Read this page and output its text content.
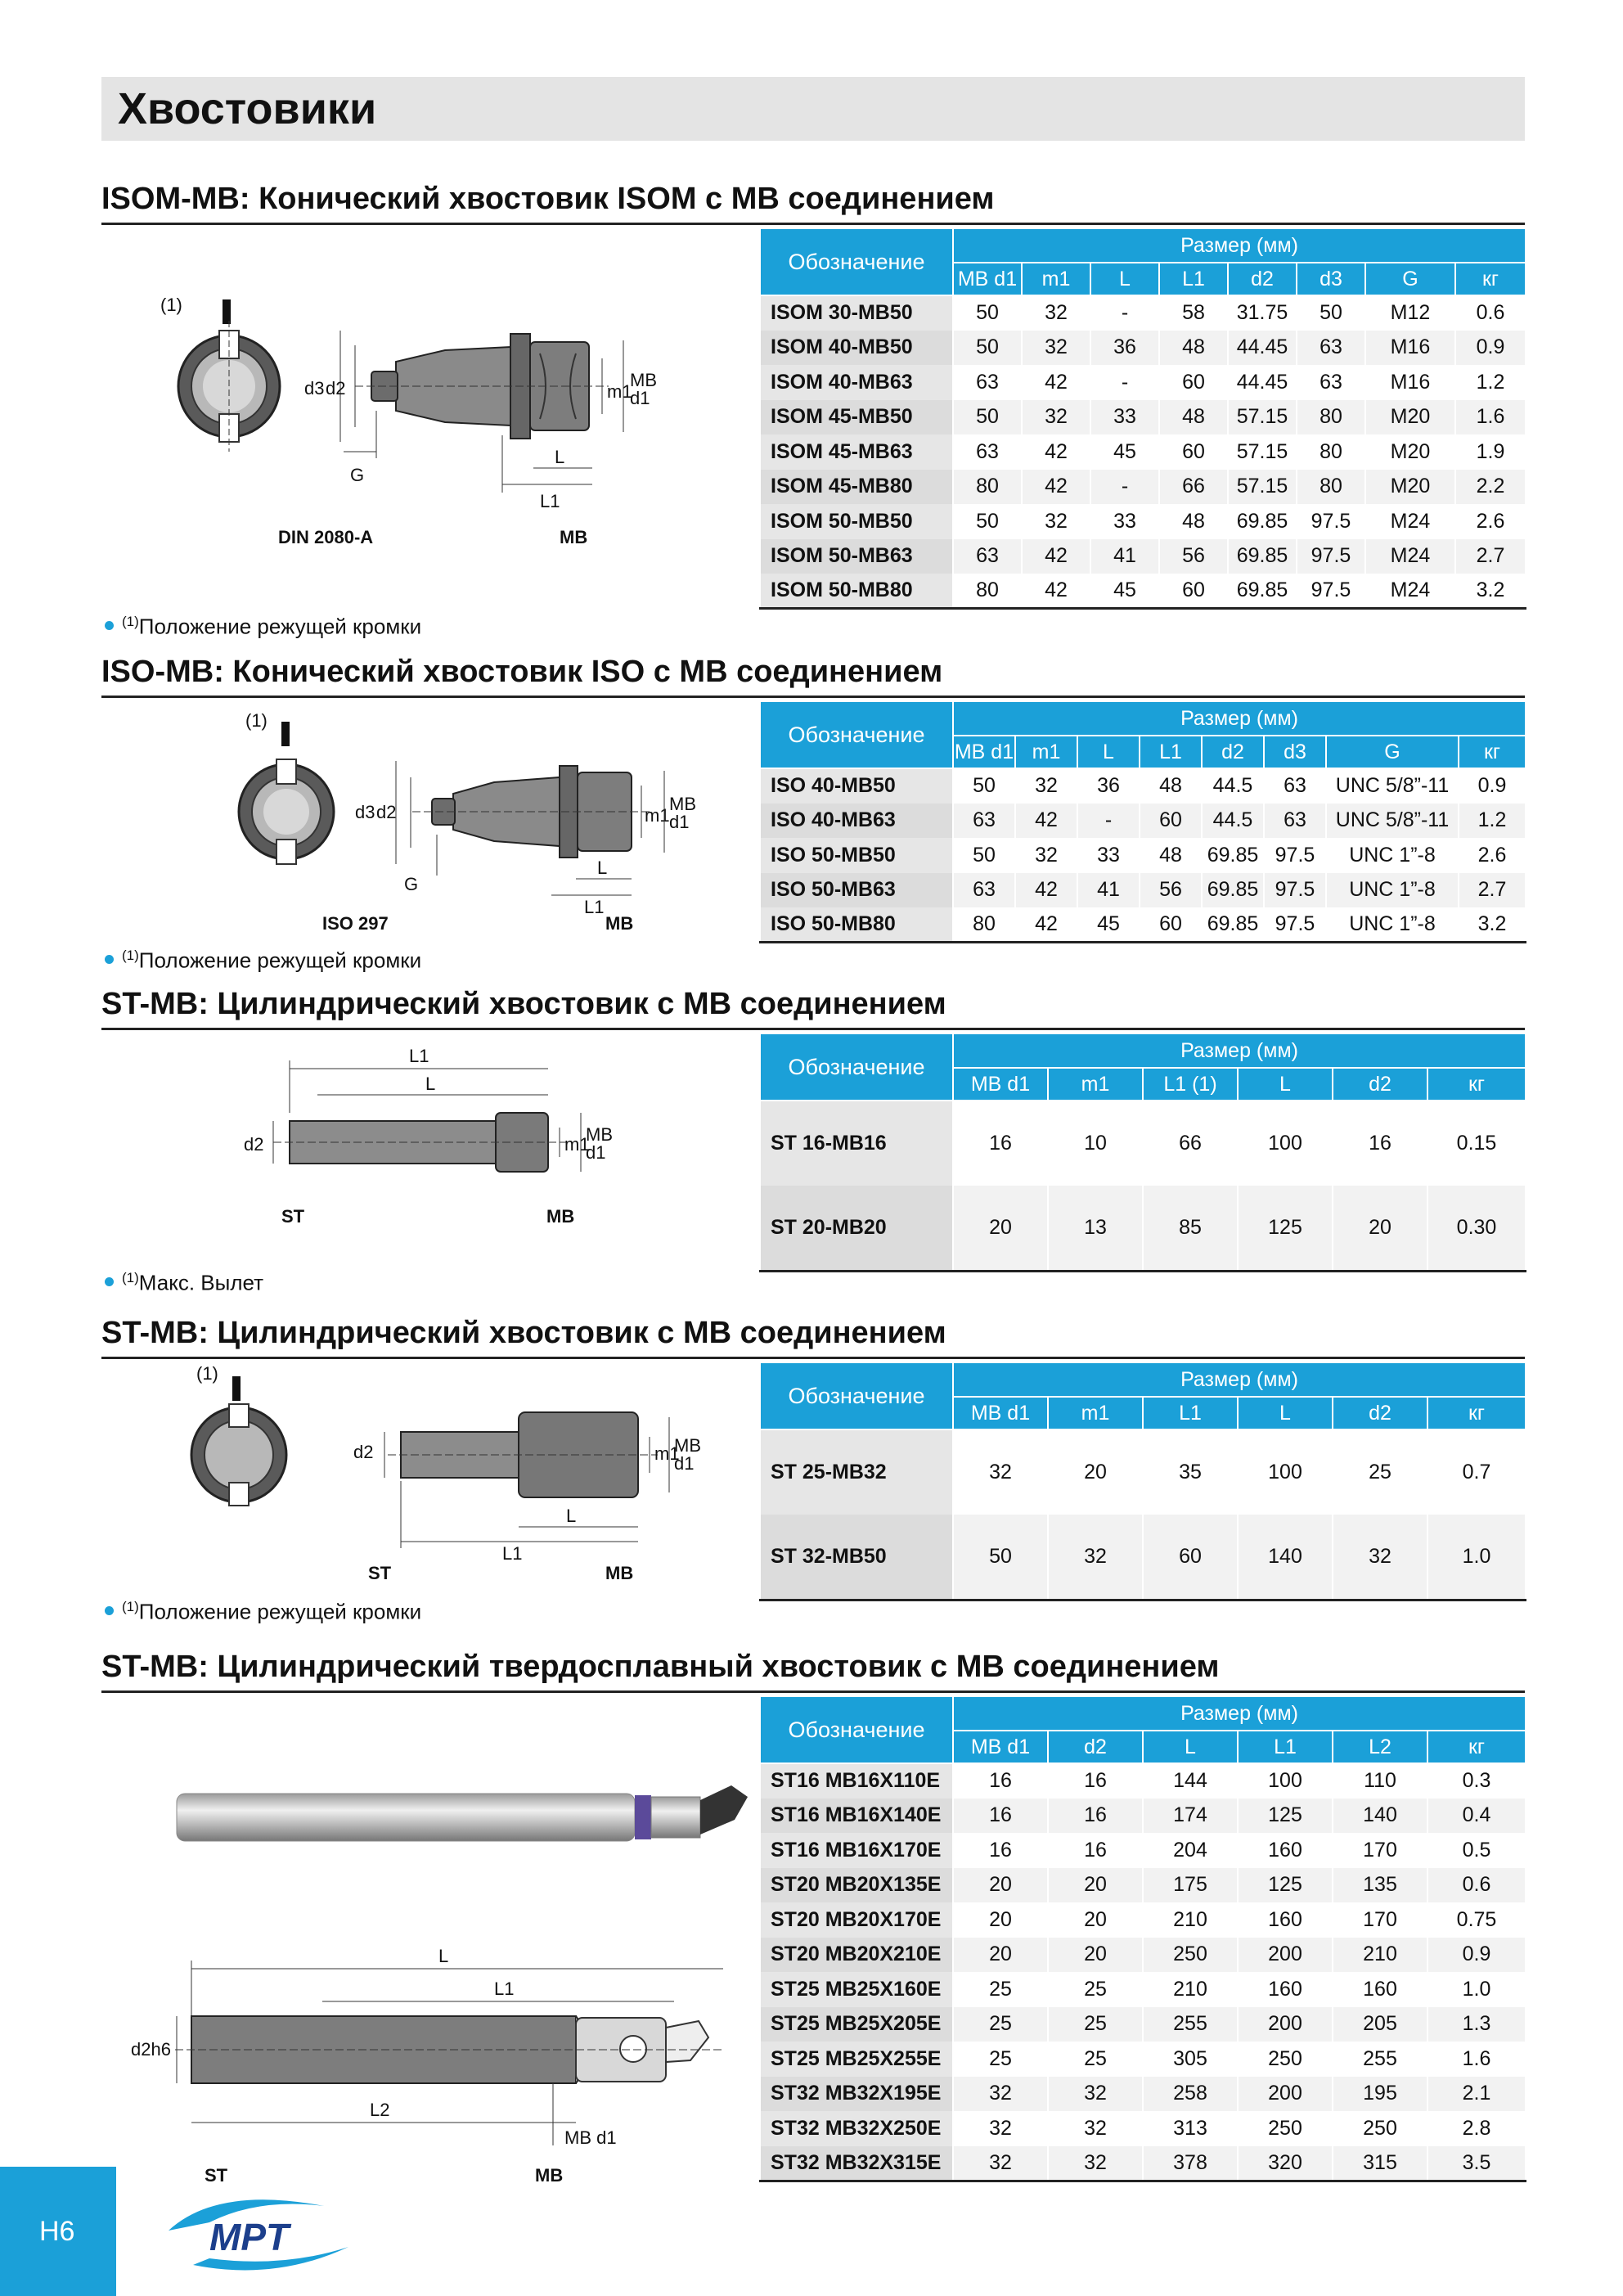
Хвостовики
ISOM-MB: Конический хвостовик ISOM с МВ соединением
(1)
d3 d2	m1
MB
d1
G
L
L1
DIN 2080-A	MB
Обозначение	Размер (мм)							
	MB d1	m1	L	L1	d2	d3	G	кг
ISOM 30-MB50	50	32	-	58	31.75	50	M12	0.6
ISOM 40-MB50	50	32	36	48	44.45	63	M16	0.9
ISOM 40-MB63	63	42	-	60	44.45	63	M16	1.2
ISOM 45-MB50	50	32	33	48	57.15	80	M20	1.6
ISOM 45-MB63	63	42	45	60	57.15	80	M20	1.9
ISOM 45-MB80	80	42	-	66	57.15	80	M20	2.2
ISOM 50-MB50	50	32	33	48	69.85	97.5	M24	2.6
ISOM 50-MB63	63	42	41	56	69.85	97.5	M24	2.7
ISOM 50-MB80	80	42	45	60	69.85	97.5	M24	3.2
$^{(1)}$Положение режущей кромки
ISO-MB: Конический хвостовик ISO с МВ соединением
(1)
d3 d2	m1
MB
d1
G
L
L1
ISO 297	MB
Обозначение	Размер (мм)							
	MB d1	m1	L	L1	d2	d3	G	кг
ISO 40-MB50	50	32	36	48	44.5	63	UNC 5/8”-11	0.9
ISO 40-MB63	63	42	-	60	44.5	63	UNC 5/8”-11	1.2
ISO 50-MB50	50	32	33	48	69.85	97.5	UNC 1”-8	2.6
ISO 50-MB63	63	42	41	56	69.85	97.5	UNC 1”-8	2.7
ISO 50-MB80	80	42	45	60	69.85	97.5	UNC 1”-8	3.2
$^{(1)}$Положение режущей кромки
ST-MB: Цилиндрический хвостовик с МВ соединением
L1
L
d2	m1
MB
d1
ST	MB
Обозначение	Размер (мм)					
	MB d1	m1	L1 (1)	L	d2	кг
ST 16-MB16	16	10	66	100	16	0.15
ST 20-MB20	20	13	85	125	20	0.30
$^{(1)}$Макс. Вылет
ST-MB: Цилиндрический хвостовик с МВ соединением
(1)
d2	m1
MB
d1
L
L1
ST	MB
Обозначение	Размер (мм)					
	MB d1	m1	L1	L	d2	кг
ST 25-MB32	32	20	35	100	25	0.7
ST 32-MB50	50	32	60	140	32	1.0
$^{(1)}$Положение режущей кромки
ST-MB: Цилиндрический твердосплавный хвостовик с МВ соединением
L
L1
d2h6
L2
MB d1
ST	MB
Обозначение	Размер (мм)					
	MB d1	d2	L	L1	L2	кг
ST16 MB16X110E	16	16	144	100	110	0.3
ST16 MB16X140E	16	16	174	125	140	0.4
ST16 MB16X170E	16	16	204	160	170	0.5
ST20 MB20X135E	20	20	175	125	135	0.6
ST20 MB20X170E	20	20	210	160	170	0.75
ST20 MB20X210E	20	20	250	200	210	0.9
ST25 MB25X160E	25	25	210	160	160	1.0
ST25 MB25X205E	25	25	255	200	205	1.3
ST25 MB25X255E	25	25	305	250	255	1.6
ST32 MB32X195E	32	32	258	200	195	2.1
ST32 MB32X250E	32	32	313	250	250	2.8
ST32 MB32X315E	32	32	378	320	315	3.5
H6	MPT
